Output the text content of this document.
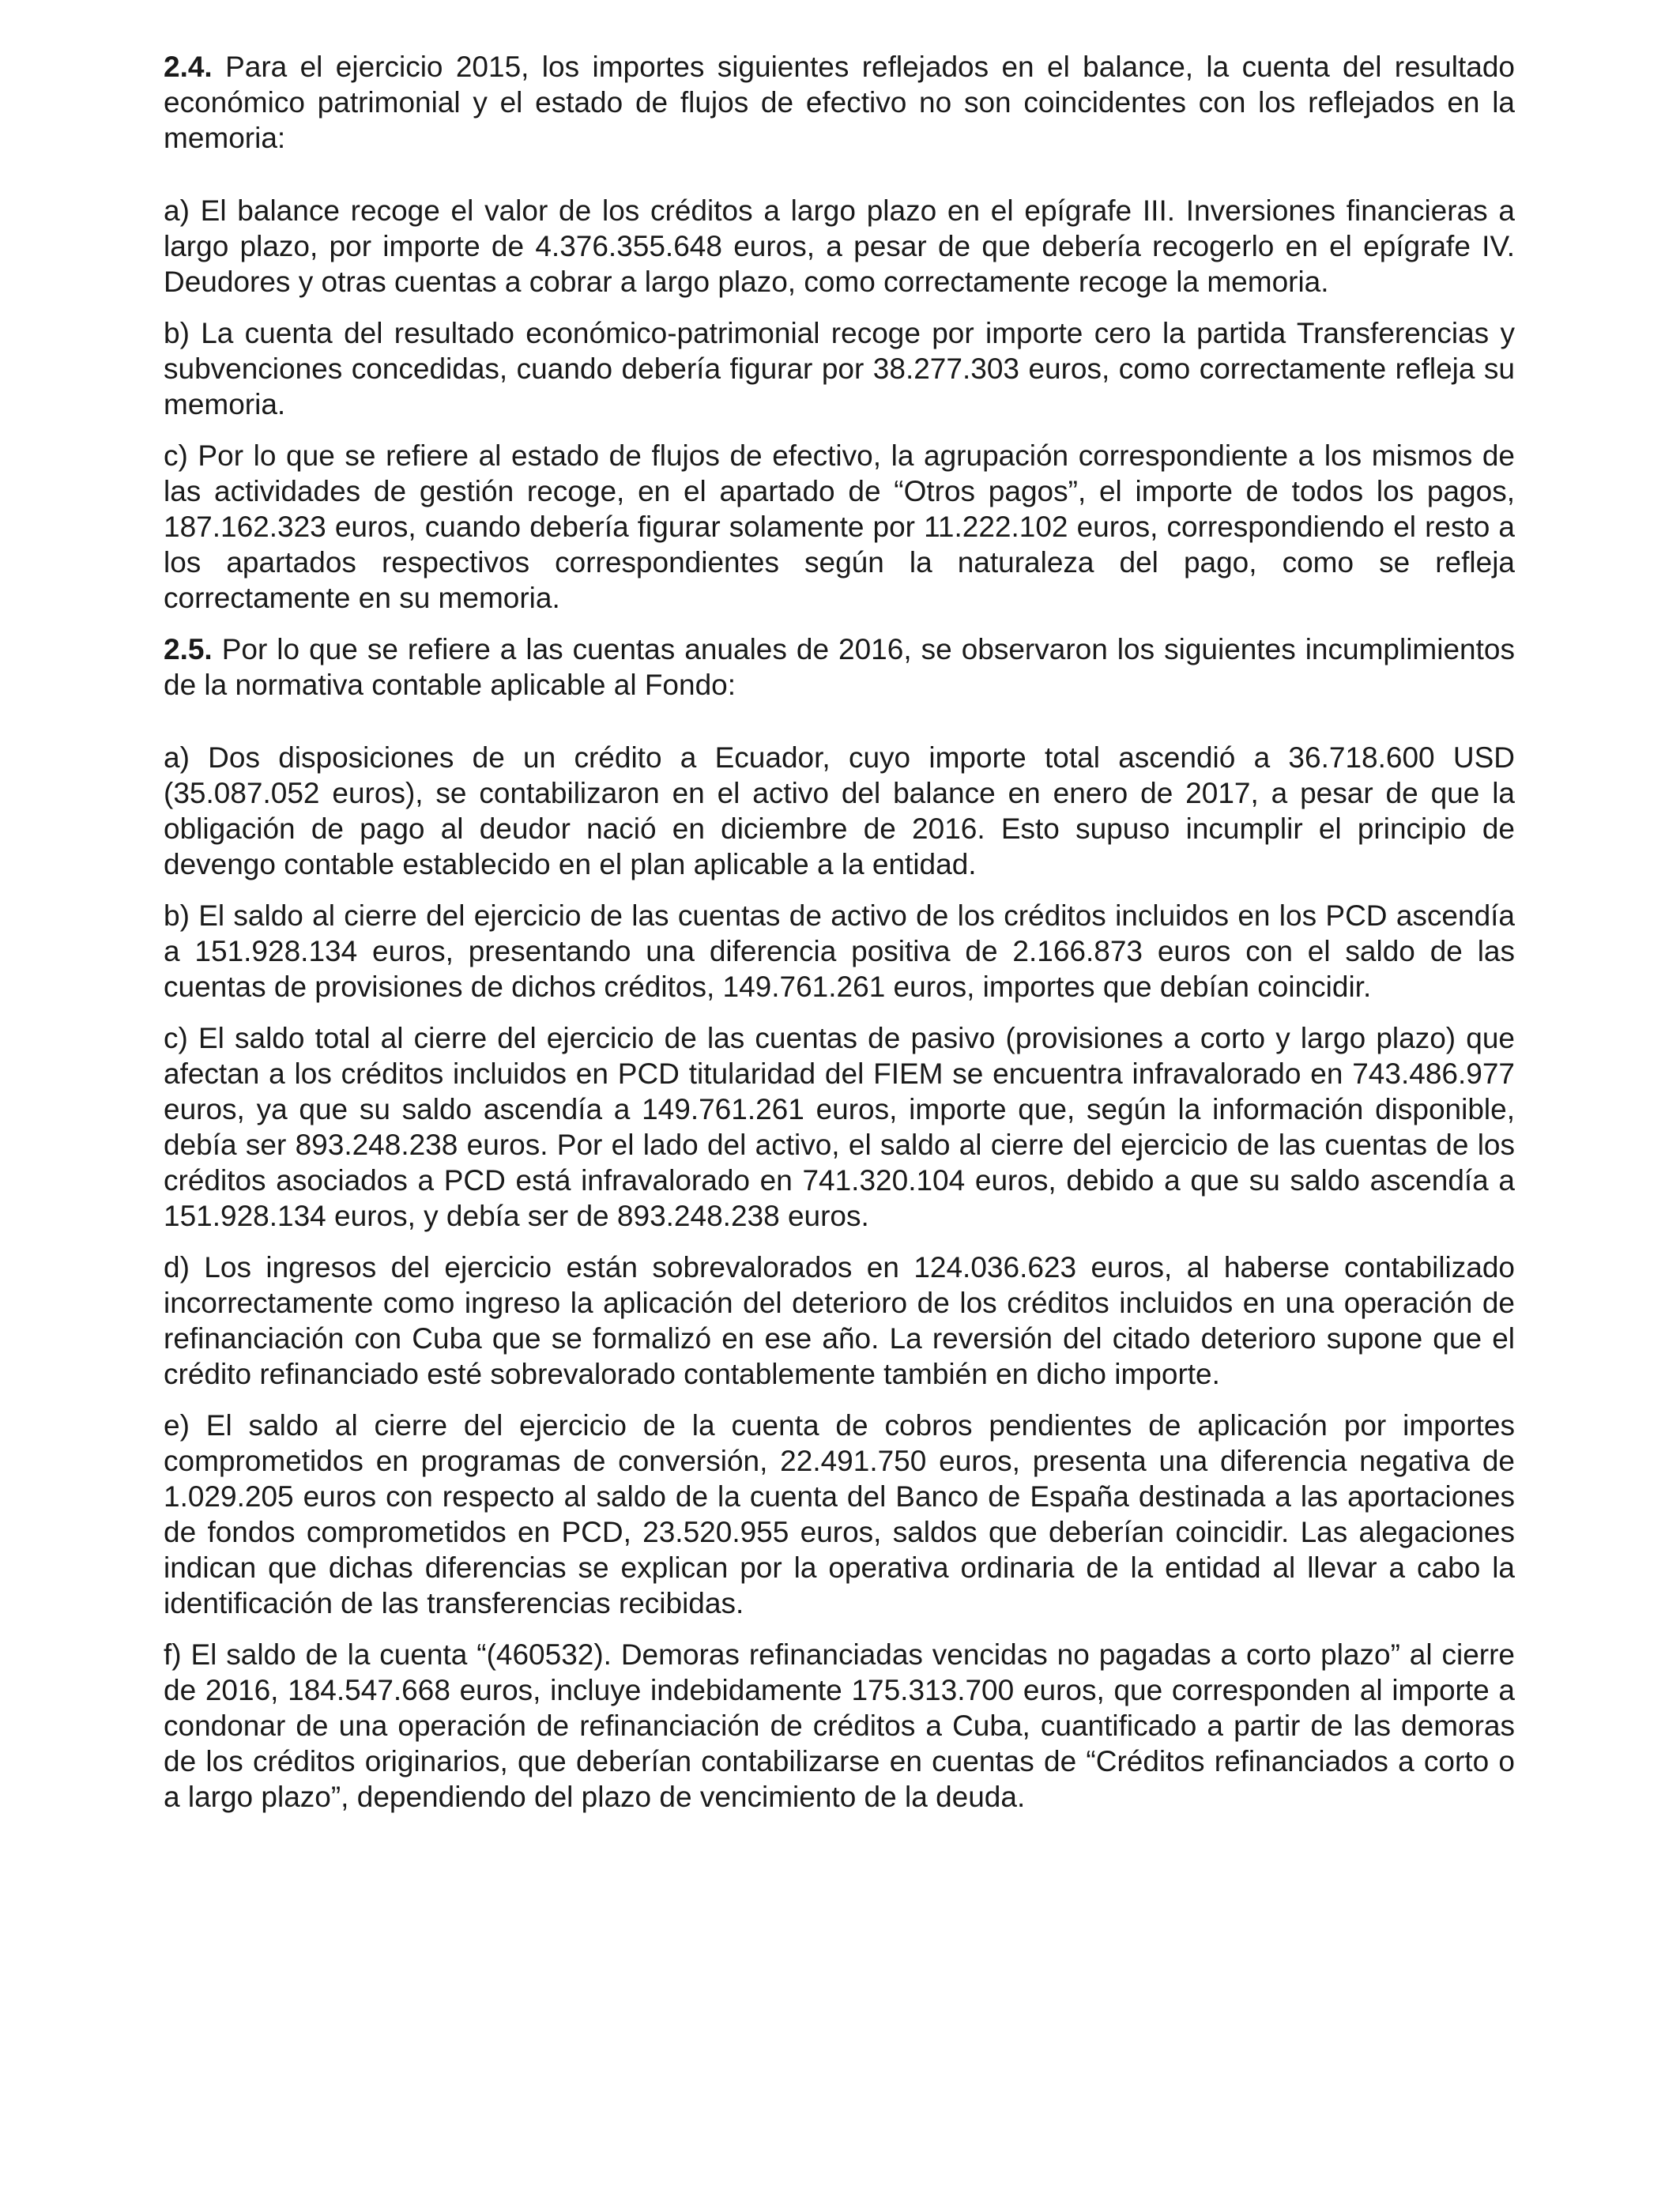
2.4. Para el ejercicio 2015, los importes siguientes reflejados en el balance, la cuenta del resultado económico patrimonial y el estado de flujos de efectivo no son coincidentes con los reflejados en la memoria:

a) El balance recoge el valor de los créditos a largo plazo en el epígrafe III. Inversiones financieras a largo plazo, por importe de 4.376.355.648 euros, a pesar de que debería recogerlo en el epígrafe IV. Deudores y otras cuentas a cobrar a largo plazo, como correctamente recoge la memoria.

b) La cuenta del resultado económico-patrimonial recoge por importe cero la partida Transferencias y subvenciones concedidas, cuando debería figurar por 38.277.303 euros, como correctamente refleja su memoria.

c) Por lo que se refiere al estado de flujos de efectivo, la agrupación correspondiente a los mismos de las actividades de gestión recoge, en el apartado de “Otros pagos”, el importe de todos los pagos, 187.162.323 euros, cuando debería figurar solamente por 11.222.102 euros, correspondiendo el resto a los apartados respectivos correspondientes según la naturaleza del pago, como se refleja correctamente en su memoria.

2.5. Por lo que se refiere a las cuentas anuales de 2016, se observaron los siguientes incumplimientos de la normativa contable aplicable al Fondo:

a) Dos disposiciones de un crédito a Ecuador, cuyo importe total ascendió a 36.718.600 USD (35.087.052 euros), se contabilizaron en el activo del balance en enero de 2017, a pesar de que la obligación de pago al deudor nació en diciembre de 2016. Esto supuso incumplir el principio de devengo contable establecido en el plan aplicable a la entidad.

b) El saldo al cierre del ejercicio de las cuentas de activo de los créditos incluidos en los PCD ascendía a 151.928.134 euros, presentando una diferencia positiva de 2.166.873 euros con el saldo de las cuentas de provisiones de dichos créditos, 149.761.261 euros, importes que debían coincidir.

c) El saldo total al cierre del ejercicio de las cuentas de pasivo (provisiones a corto y largo plazo) que afectan a los créditos incluidos en PCD titularidad del FIEM se encuentra infravalorado en 743.486.977 euros, ya que su saldo ascendía a 149.761.261 euros, importe que, según la información disponible, debía ser 893.248.238 euros. Por el lado del activo, el saldo al cierre del ejercicio de las cuentas de los créditos asociados a PCD está infravalorado en 741.320.104 euros, debido a que su saldo ascendía a 151.928.134 euros, y debía ser de 893.248.238 euros.

d) Los ingresos del ejercicio están sobrevalorados en 124.036.623 euros, al haberse contabilizado incorrectamente como ingreso la aplicación del deterioro de los créditos incluidos en una operación de refinanciación con Cuba que se formalizó en ese año. La reversión del citado deterioro supone que el crédito refinanciado esté sobrevalorado contablemente también en dicho importe.

e) El saldo al cierre del ejercicio de la cuenta de cobros pendientes de aplicación por importes comprometidos en programas de conversión, 22.491.750 euros, presenta una diferencia negativa de 1.029.205 euros con respecto al saldo de la cuenta del Banco de España destinada a las aportaciones de fondos comprometidos en PCD, 23.520.955 euros, saldos que deberían coincidir. Las alegaciones indican que dichas diferencias se explican por la operativa ordinaria de la entidad al llevar a cabo la identificación de las transferencias recibidas.

f) El saldo de la cuenta “(460532). Demoras refinanciadas vencidas no pagadas a corto plazo” al cierre de 2016, 184.547.668 euros, incluye indebidamente 175.313.700 euros, que corresponden al importe a condonar de una operación de refinanciación de créditos a Cuba, cuantificado a partir de las demoras de los créditos originarios, que deberían contabilizarse en cuentas de “Créditos refinanciados a corto o a largo plazo”, dependiendo del plazo de vencimiento de la deuda.
